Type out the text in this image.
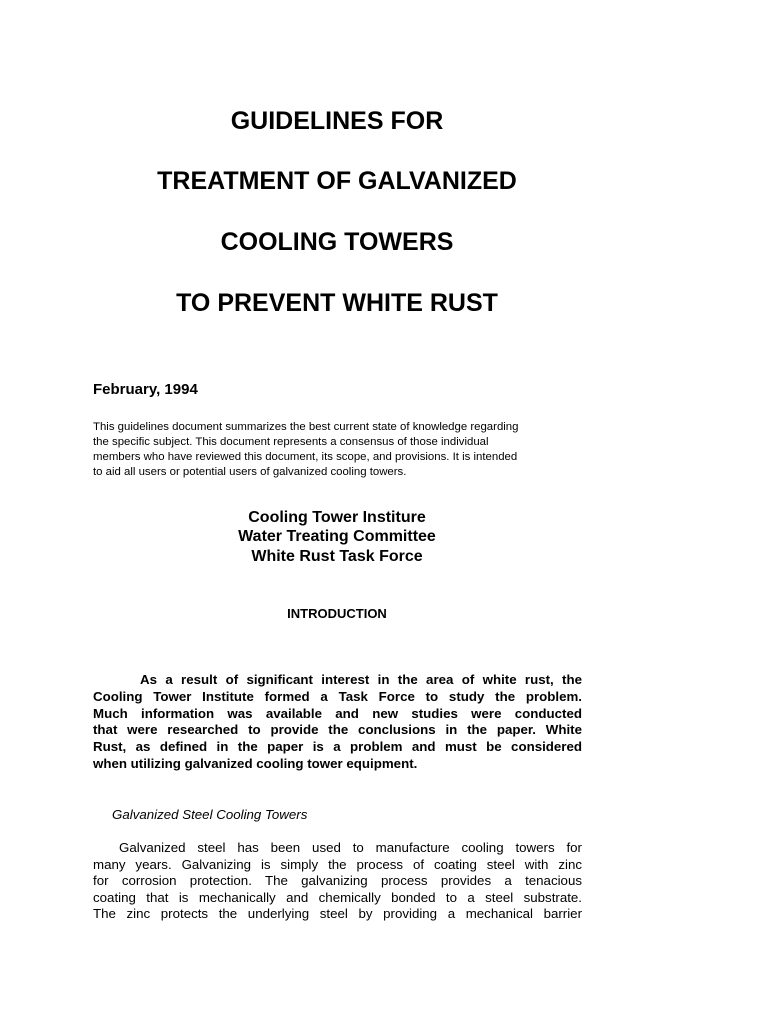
GUIDELINES FOR
TREATMENT OF GALVANIZED
COOLING TOWERS
TO PREVENT WHITE RUST
February, 1994
This guidelines document summarizes the best current state of knowledge regarding
the specific subject. This document represents a consensus of those individual
members who have reviewed this document, its scope, and provisions. It is intended
to aid all users or potential users of galvanized cooling towers.
Cooling Tower Institure
Water Treating Committee
White Rust Task Force
INTRODUCTION
As a result of significant interest in the area of white rust, the
Cooling Tower Institute formed a Task Force to study the problem.
Much information was available and new studies were conducted
that were researched to provide the conclusions in the paper. White
Rust, as defined in the paper is a problem and must be considered
when utilizing galvanized cooling tower equipment.
Galvanized Steel Cooling Towers
Galvanized steel has been used to manufacture cooling towers for
many years. Galvanizing is simply the process of coating steel with zinc
for corrosion protection. The galvanizing process provides a tenacious
coating that is mechanically and chemically bonded to a steel substrate.
The zinc protects the underlying steel by providing a mechanical barrier
